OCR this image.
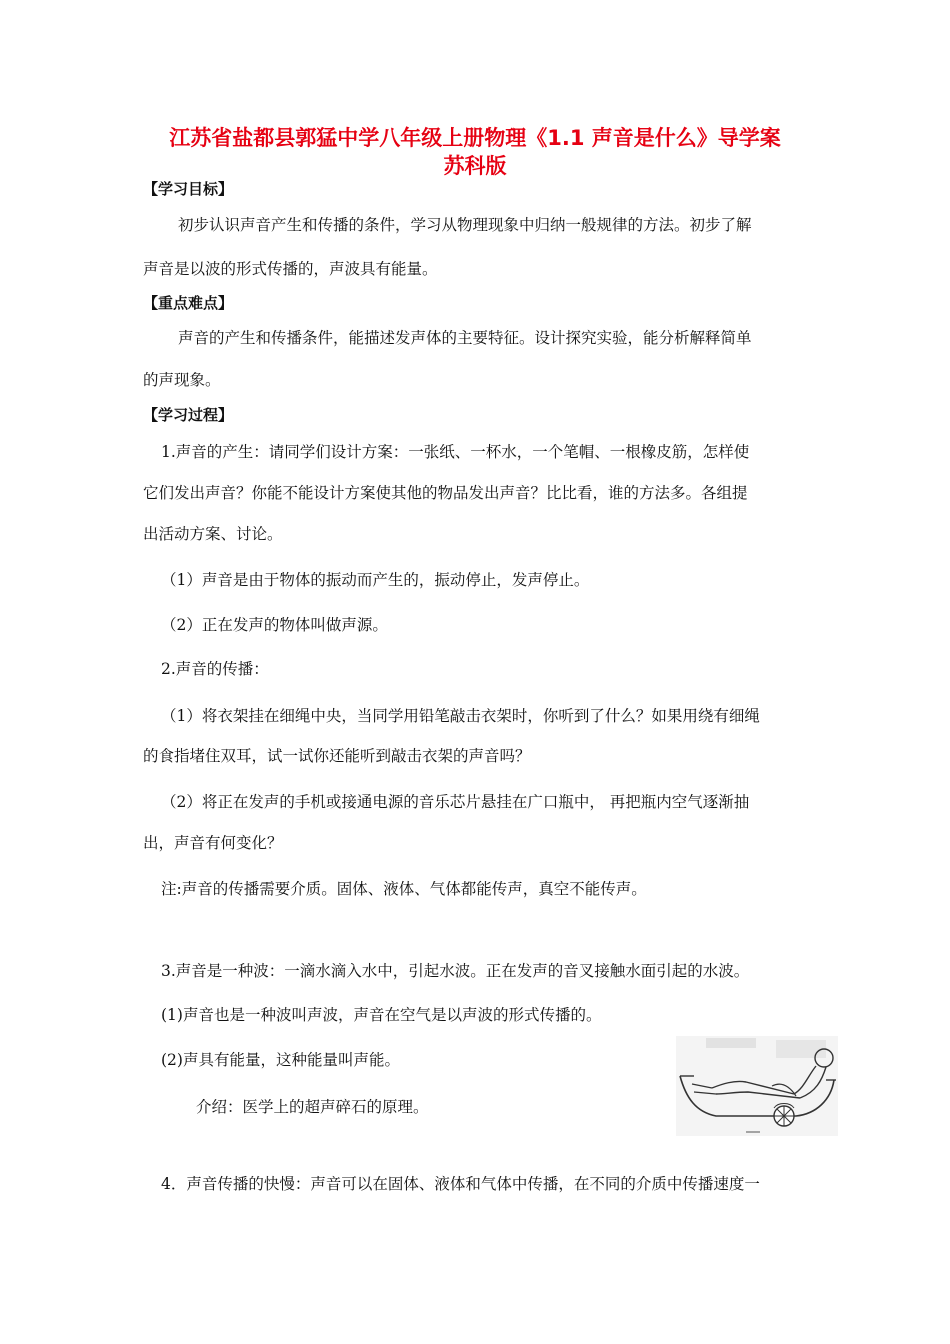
江苏省盐都县郭猛中学八年级上册物理《1.1 声音是什么》导学案
苏科版
【学习目标】
初步认识声音产生和传播的条件，学习从物理现象中归纳一般规律的方法。初步了解
声音是以波的形式传播的，声波具有能量。
【重点难点】
声音的产生和传播条件，能描述发声体的主要特征。设计探究实验，能分析解释简单
的声现象。
【学习过程】
1.声音的产生：请同学们设计方案：一张纸、一杯水，一个笔帽、一根橡皮筋，怎样使
它们发出声音？你能不能设计方案使其他的物品发出声音？比比看，谁的方法多。各组提
出活动方案、讨论。
（1）声音是由于物体的振动而产生的，振动停止，发声停止。
（2）正在发声的物体叫做声源。
2.声音的传播：
（1）将衣架挂在细绳中央，当同学用铅笔敲击衣架时，你听到了什么？如果用绕有细绳
的食指堵住双耳，试一试你还能听到敲击衣架的声音吗？
（2）将正在发声的手机或接通电源的音乐芯片悬挂在广口瓶中， 再把瓶内空气逐渐抽
出，声音有何变化？
注:声音的传播需要介质。固体、液体、气体都能传声，真空不能传声。
3.声音是一种波：一滴水滴入水中，引起水波。正在发声的音叉接触水面引起的水波。
(1)声音也是一种波叫声波，声音在空气是以声波的形式传播的。
(2)声具有能量，这种能量叫声能。
介绍：医学上的超声碎石的原理。
4．声音传播的快慢：声音可以在固体、液体和气体中传播，在不同的介质中传播速度一
